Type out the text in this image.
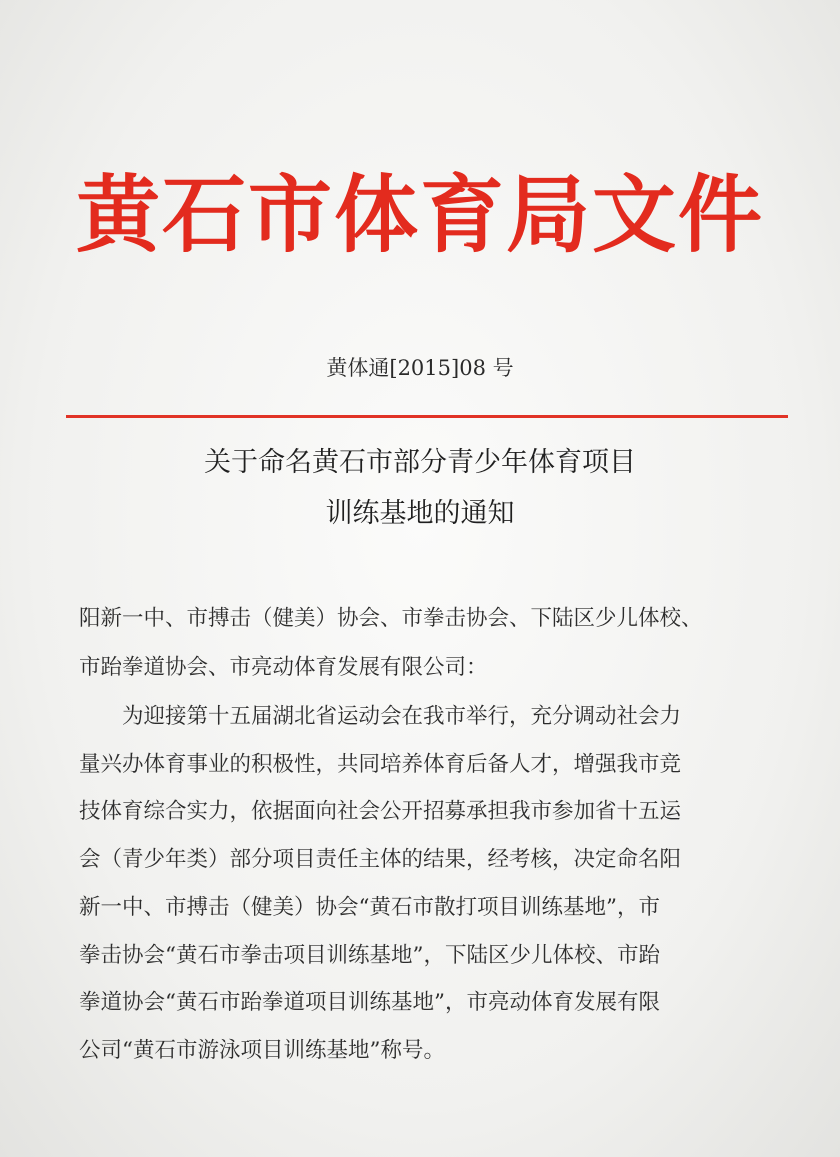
黄石市体育局文件
黄体通[2015]08 号
关于命名黄石市部分青少年体育项目
训练基地的通知
阳新一中、市搏击（健美）协会、市拳击协会、下陆区少儿体校、
市跆拳道协会、市亮动体育发展有限公司：
为迎接第十五届湖北省运动会在我市举行，充分调动社会力
量兴办体育事业的积极性，共同培养体育后备人才，增强我市竞
技体育综合实力，依据面向社会公开招募承担我市参加省十五运
会（青少年类）部分项目责任主体的结果，经考核，决定命名阳
新一中、市搏击（健美）协会“黄石市散打项目训练基地”，市
拳击协会“黄石市拳击项目训练基地”，下陆区少儿体校、市跆
拳道协会“黄石市跆拳道项目训练基地”，市亮动体育发展有限
公司“黄石市游泳项目训练基地”称号。
